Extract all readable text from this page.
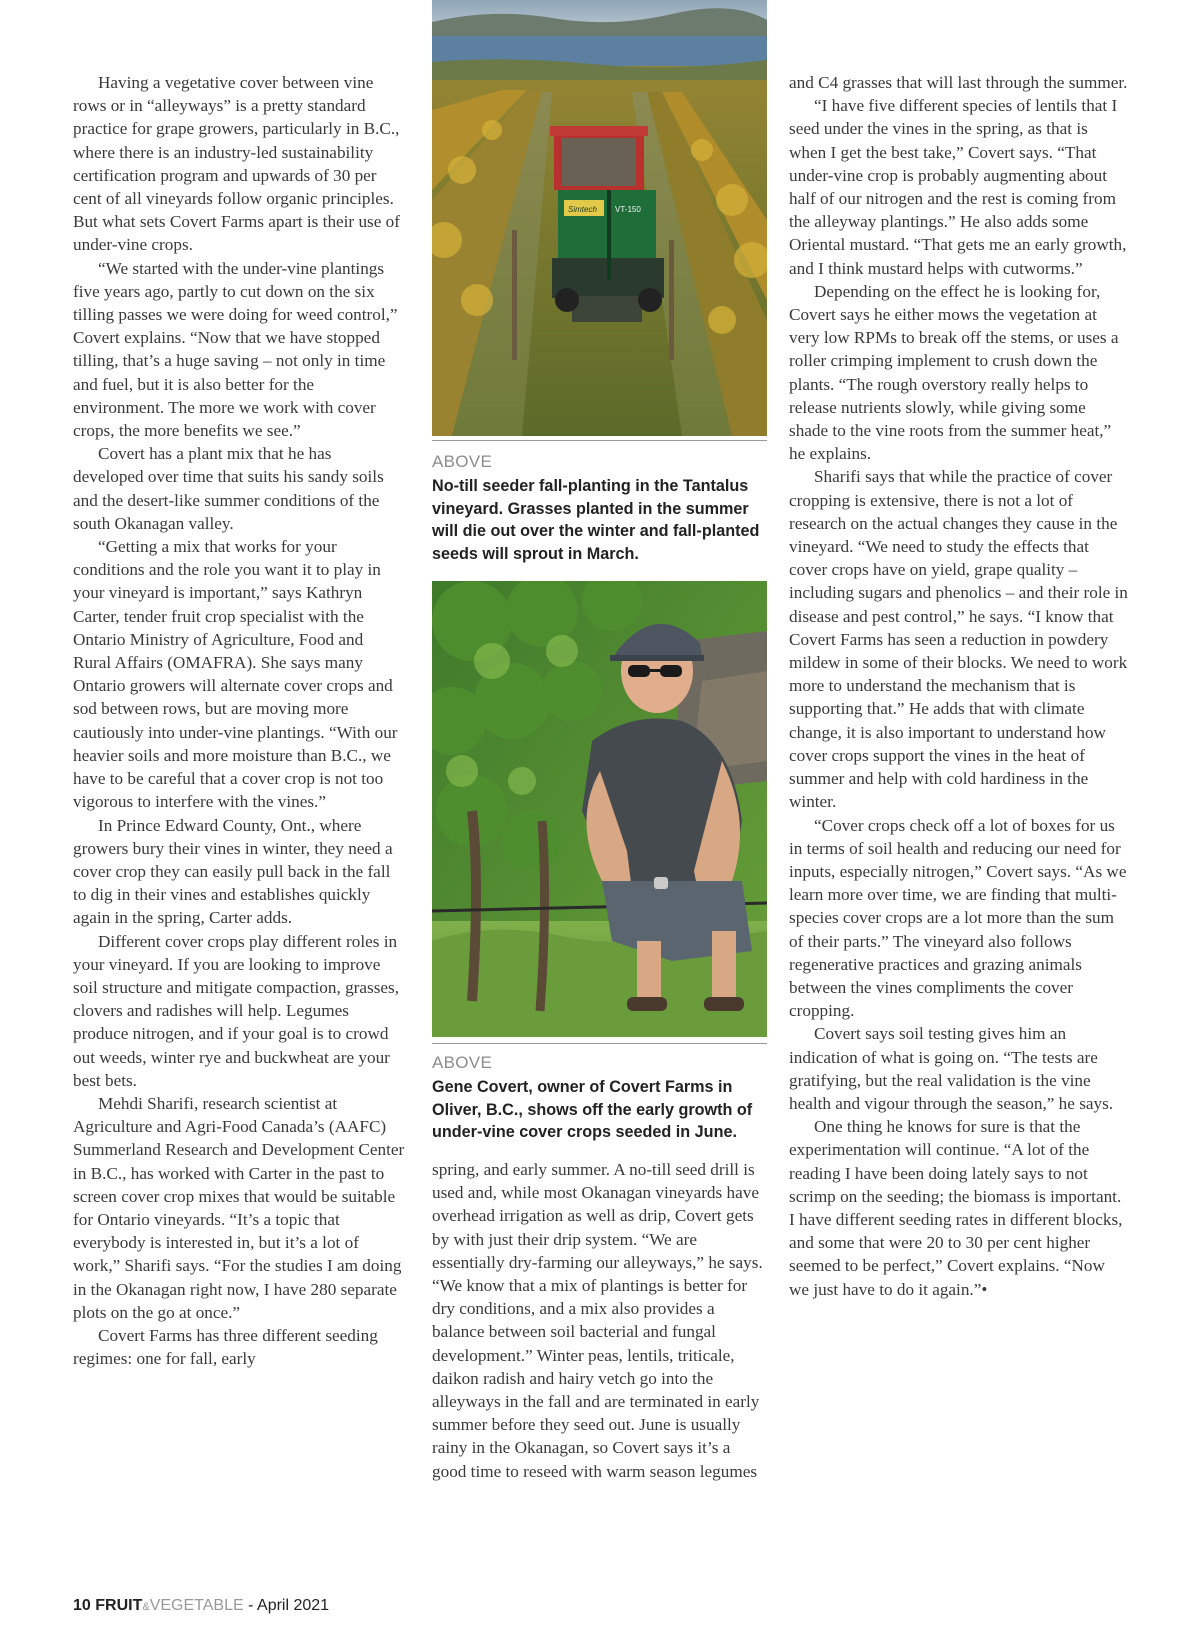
Having a vegetative cover between vine rows or in “alleyways” is a pretty standard practice for grape growers, particularly in B.C., where there is an industry-led sustainability certification program and upwards of 30 per cent of all vineyards follow organic principles. But what sets Covert Farms apart is their use of under-vine crops.

“We started with the under-vine plantings five years ago, partly to cut down on the six tilling passes we were doing for weed control,” Covert explains. “Now that we have stopped tilling, that’s a huge saving – not only in time and fuel, but it is also better for the environment. The more we work with cover crops, the more benefits we see.”

Covert has a plant mix that he has developed over time that suits his sandy soils and the desert-like summer conditions of the south Okanagan valley.

“Getting a mix that works for your conditions and the role you want it to play in your vineyard is important,” says Kathryn Carter, tender fruit crop specialist with the Ontario Ministry of Agriculture, Food and Rural Affairs (OMAFRA). She says many Ontario growers will alternate cover crops and sod between rows, but are moving more cautiously into under-vine plantings. “With our heavier soils and more moisture than B.C., we have to be careful that a cover crop is not too vigorous to interfere with the vines.”

In Prince Edward County, Ont., where growers bury their vines in winter, they need a cover crop they can easily pull back in the fall to dig in their vines and establishes quickly again in the spring, Carter adds.

Different cover crops play different roles in your vineyard. If you are looking to improve soil structure and mitigate compaction, grasses, clovers and radishes will help. Legumes produce nitrogen, and if your goal is to crowd out weeds, winter rye and buckwheat are your best bets.

Mehdi Sharifi, research scientist at Agriculture and Agri-Food Canada’s (AAFC) Summerland Research and Development Center in B.C., has worked with Carter in the past to screen cover crop mixes that would be suitable for Ontario vineyards. “It’s a topic that everybody is interested in, but it’s a lot of work,” Sharifi says. “For the studies I am doing in the Okanagan right now, I have 280 separate plots on the go at once.”

Covert Farms has three different seeding regimes: one for fall, early

Simtech VT-150
ABOVE
No-till seeder fall-planting in the Tantalus vineyard. Grasses planted in the summer will die out over the winter and fall-planted seeds will sprout in March.
ABOVE
Gene Covert, owner of Covert Farms in Oliver, B.C., shows off the early growth of under-vine cover crops seeded in June.

spring, and early summer. A no-till seed drill is used and, while most Okanagan vineyards have overhead irrigation as well as drip, Covert gets by with just their drip system. “We are essentially dry-farming our alleyways,” he says. “We know that a mix of plantings is better for dry conditions, and a mix also provides a balance between soil bacterial and fungal development.” Winter peas, lentils, triticale, daikon radish and hairy vetch go into the alleyways in the fall and are terminated in early summer before they seed out. June is usually rainy in the Okanagan, so Covert says it’s a good time to reseed with warm season legumes

and C4 grasses that will last through the summer.

“I have five different species of lentils that I seed under the vines in the spring, as that is when I get the best take,” Covert says. “That under-vine crop is probably augmenting about half of our nitrogen and the rest is coming from the alleyway plantings.” He also adds some Oriental mustard. “That gets me an early growth, and I think mustard helps with cutworms.”

Depending on the effect he is looking for, Covert says he either mows the vegetation at very low RPMs to break off the stems, or uses a roller crimping implement to crush down the plants. “The rough overstory really helps to release nutrients slowly, while giving some shade to the vine roots from the summer heat,” he explains.

Sharifi says that while the practice of cover cropping is extensive, there is not a lot of research on the actual changes they cause in the vineyard. “We need to study the effects that cover crops have on yield, grape quality – including sugars and phenolics – and their role in disease and pest control,” he says. “I know that Covert Farms has seen a reduction in powdery mildew in some of their blocks. We need to work more to understand the mechanism that is supporting that.” He adds that with climate change, it is also important to understand how cover crops support the vines in the heat of summer and help with cold hardiness in the winter.

“Cover crops check off a lot of boxes for us in terms of soil health and reducing our need for inputs, especially nitrogen,” Covert says. “As we learn more over time, we are finding that multi-species cover crops are a lot more than the sum of their parts.” The vineyard also follows regenerative practices and grazing animals between the vines compliments the cover cropping.

Covert says soil testing gives him an indication of what is going on. “The tests are gratifying, but the real validation is the vine health and vigour through the season,” he says.

One thing he knows for sure is that the experimentation will continue. “A lot of the reading I have been doing lately says to not scrimp on the seeding; the biomass is important. I have different seeding rates in different blocks, and some that were 20 to 30 per cent higher seemed to be perfect,” Covert explains. “Now we just have to do it again.”•

10 FRUIT&VEGETABLE - April 2021
